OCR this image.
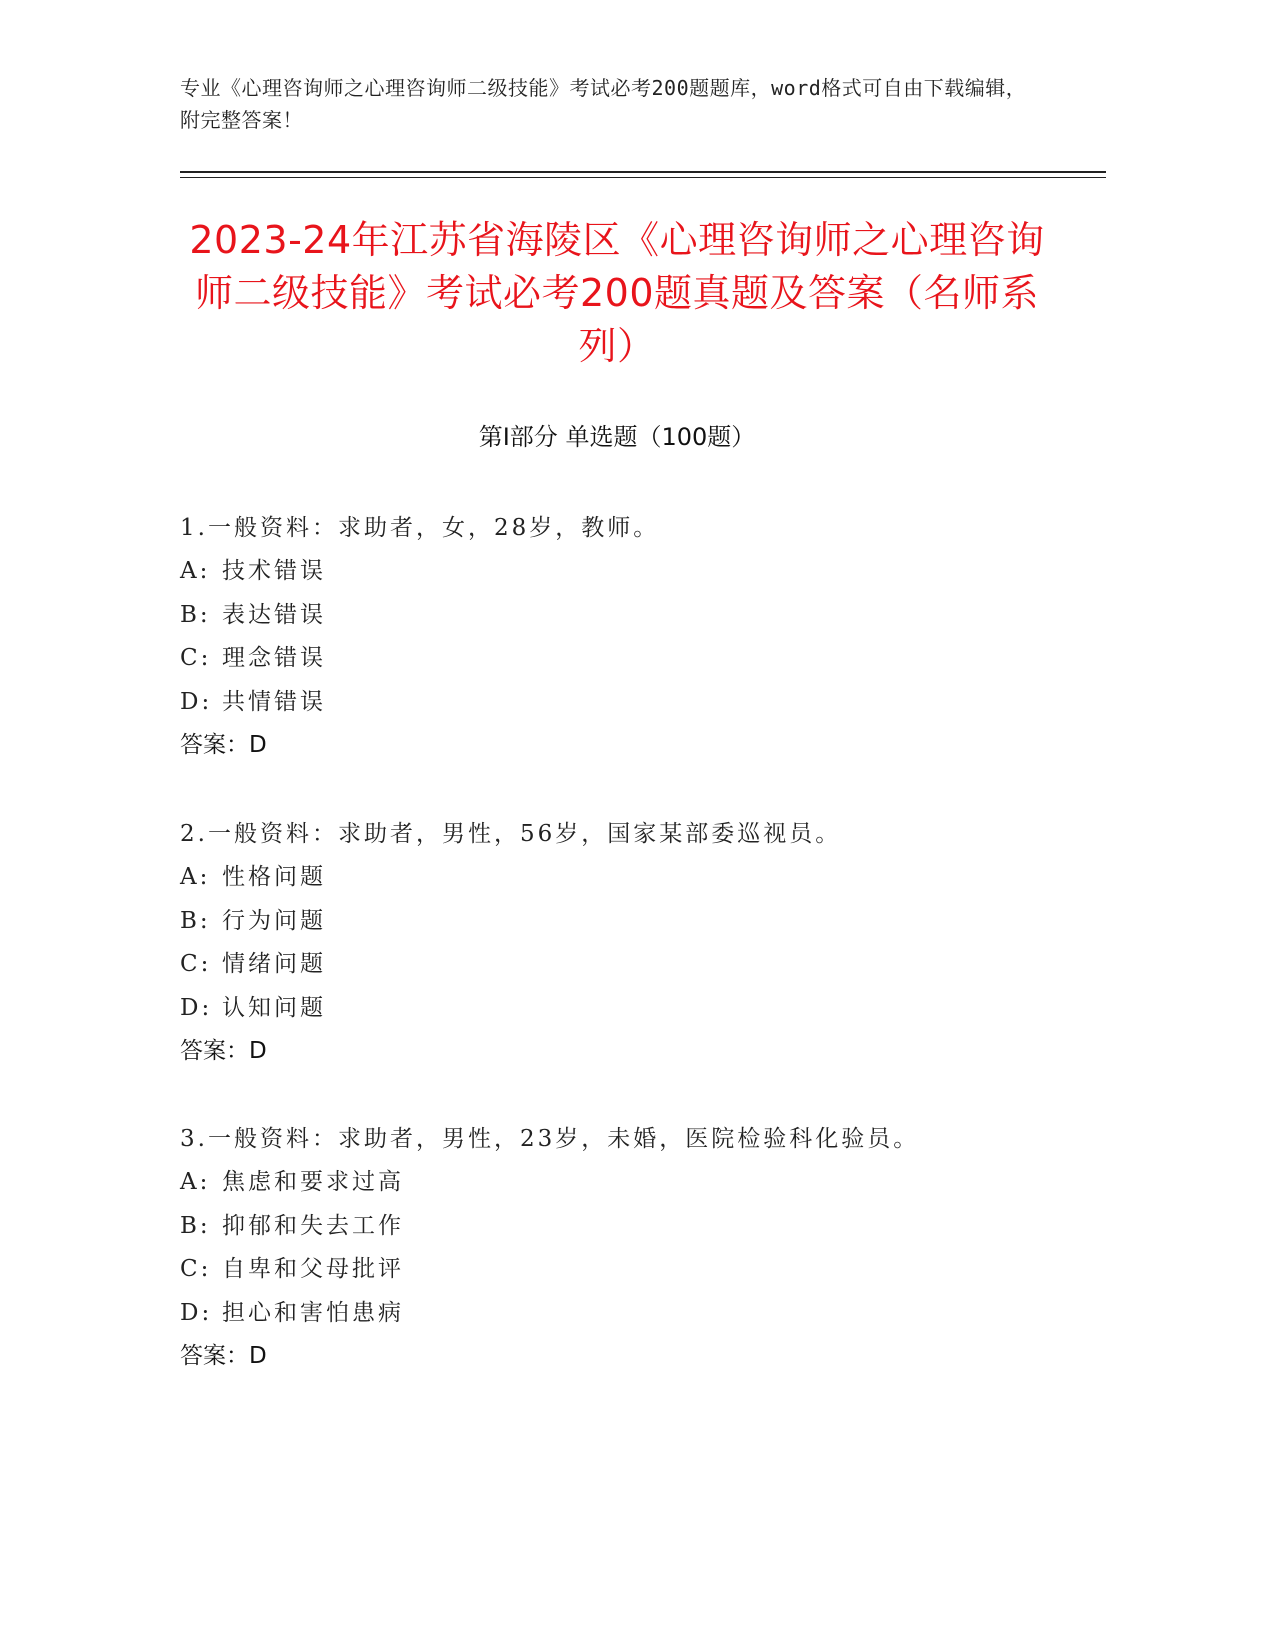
专业《心理咨询师之心理咨询师二级技能》考试必考200题题库，word格式可自由下载编辑，附完整答案！
2023-24年江苏省海陵区《心理咨询师之心理咨询师二级技能》考试必考200题真题及答案（名师系列）
第I部分 单选题（100题）
1.一般资料：求助者，女，28岁，教师。
A: 技术错误
B: 表达错误
C: 理念错误
D: 共情错误
答案：D
2.一般资料：求助者，男性，56岁，国家某部委巡视员。
A: 性格问题
B: 行为问题
C: 情绪问题
D: 认知问题
答案：D
3.一般资料：求助者，男性，23岁，未婚，医院检验科化验员。
A: 焦虑和要求过高
B: 抑郁和失去工作
C: 自卑和父母批评
D: 担心和害怕患病
答案：D
